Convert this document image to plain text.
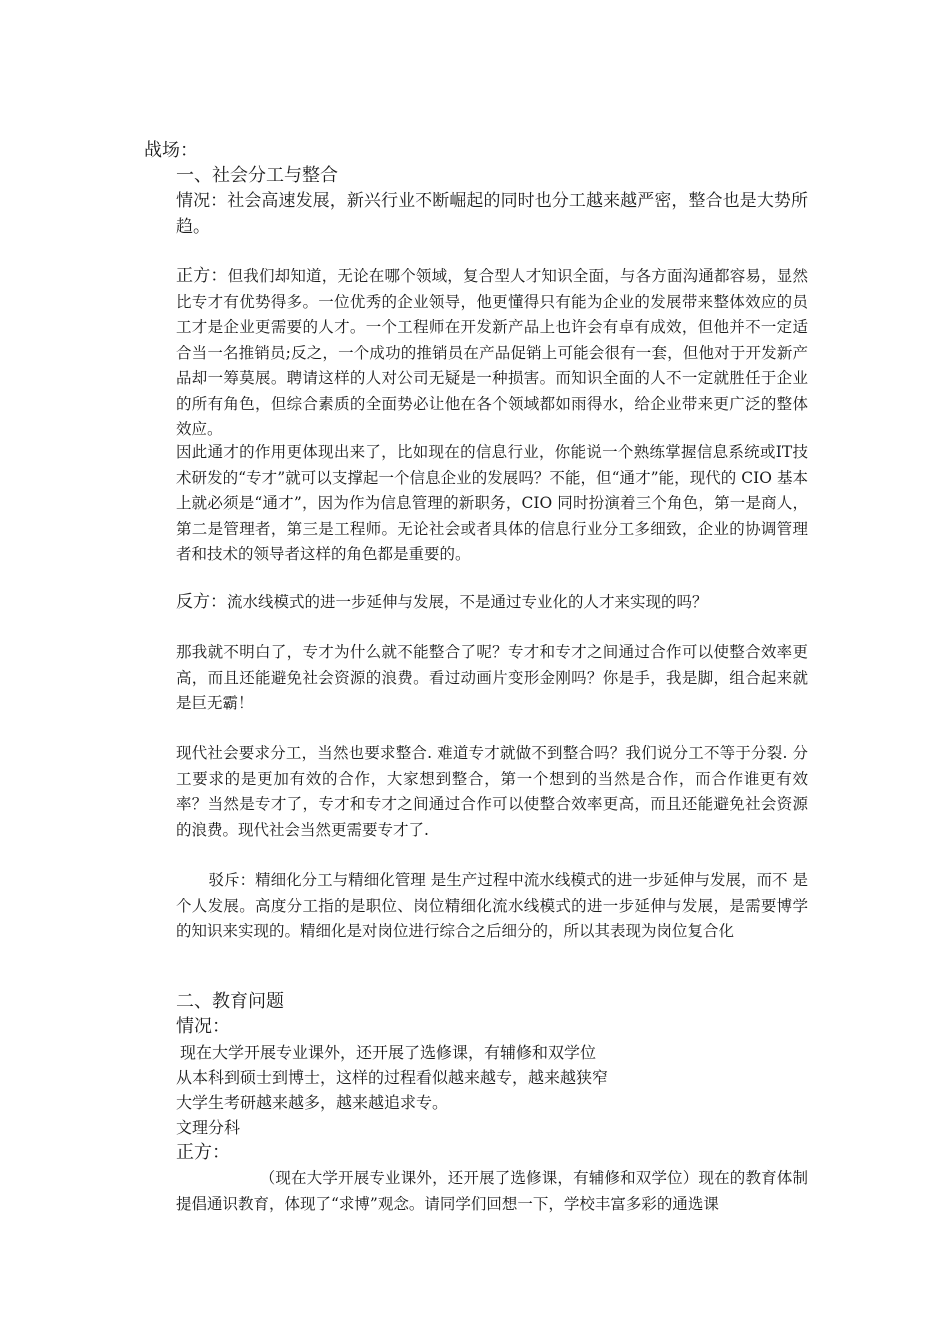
战场：
一、社会分工与整合

情况：社会高速发展，新兴行业不断崛起的同时也分工越来越严密，整合也是大势所趋。

正方：但我们却知道，无论在哪个领域，复合型人才知识全面，与各方面沟通都容易，显然比专才有优势得多。一位优秀的企业领导，他更懂得只有能为企业的发展带来整体效应的员工才是企业更需要的人才。一个工程师在开发新产品上也许会有卓有成效，但他并不一定适合当一名推销员;反之，一个成功的推销员在产品促销上可能会很有一套，但他对于开发新产品却一筹莫展。聘请这样的人对公司无疑是一种损害。而知识全面的人不一定就胜任于企业的所有角色，但综合素质的全面势必让他在各个领域都如雨得水，给企业带来更广泛的整体效应。

因此通才的作用更体现出来了，比如现在的信息行业，你能说一个熟练掌握信息系统或IT技术研发的“专才”就可以支撑起一个信息企业的发展吗？不能，但“通才”能，现代的 CIO 基本上就必须是“通才”，因为作为信息管理的新职务，CIO 同时扮演着三个角色，第一是商人，第二是管理者，第三是工程师。无论社会或者具体的信息行业分工多细致，企业的协调管理者和技术的领导者这样的角色都是重要的。

反方：流水线模式的进一步延伸与发展，不是通过专业化的人才来实现的吗？

那我就不明白了，专才为什么就不能整合了呢？专才和专才之间通过合作可以使整合效率更高，而且还能避免社会资源的浪费。看过动画片变形金刚吗？你是手，我是脚，组合起来就是巨无霸！

现代社会要求分工，当然也要求整合. 难道专才就做不到整合吗？我们说分工不等于分裂. 分工要求的是更加有效的合作，大家想到整合，第一个想到的当然是合作，而合作谁更有效率？当然是专才了，专才和专才之间通过合作可以使整合效率更高，而且还能避免社会资源的浪费。现代社会当然更需要专才了.

驳斥：精细化分工与精细化管理 是生产过程中流水线模式的进一步延伸与发展，而不 是个人发展。高度分工指的是职位、岗位精细化流水线模式的进一步延伸与发展，是需要博学的知识来实现的。精细化是对岗位进行综合之后细分的，所以其表现为岗位复合化

二、教育问题
情况：
现在大学开展专业课外，还开展了选修课，有辅修和双学位
从本科到硕士到博士，这样的过程看似越来越专，越来越狭窄
大学生考研越来越多，越来越追求专。
文理分科
正方：

（现在大学开展专业课外，还开展了选修课，有辅修和双学位）现在的教育体制提倡通识教育，体现了“求博”观念。请同学们回想一下，学校丰富多彩的通选课
